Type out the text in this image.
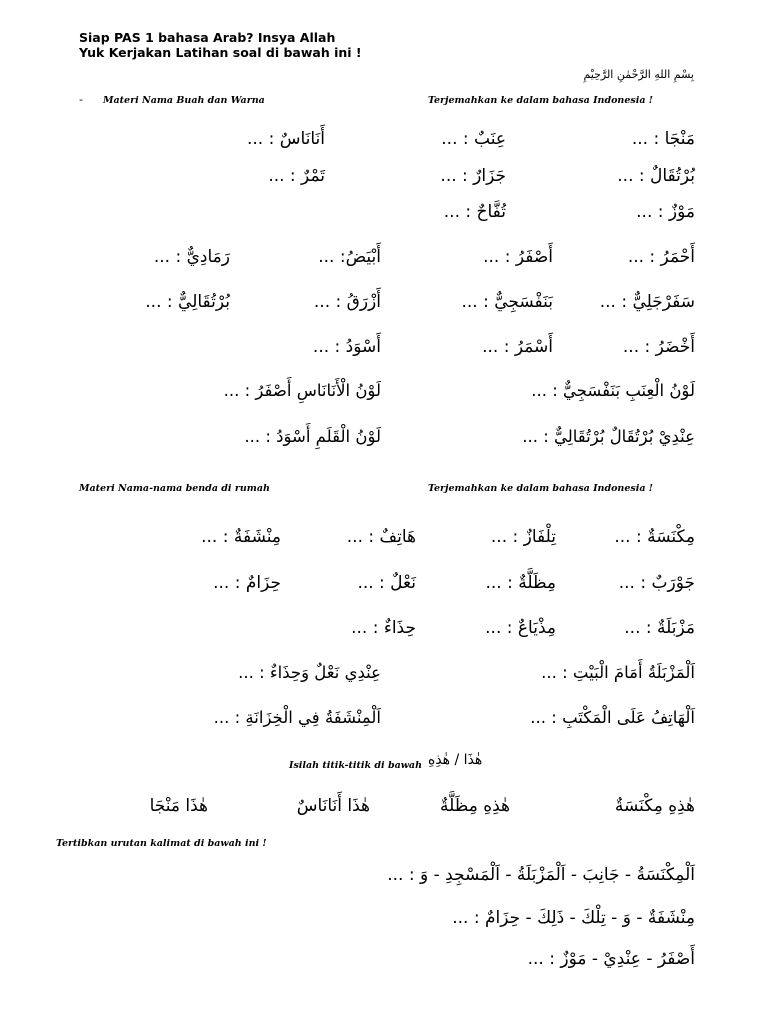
Siap PAS 1 bahasa Arab? Insya Allah
Yuk Kerjakan Latihan soal di bawah ini !
بِسْمِ اللهِ الرَّحْمٰنِ الرَّحِيْمِ
- Materi Nama Buah dan Warna	Terjemahkan ke dalam bahasa Indonesia !
مَنْجَا : ...
عِنَبٌ : ...
أَنَانَاسٌ : ...
بُرْتُقَالٌ : ...
جَزَارٌ : ...
تَمْرٌ : ...
مَوْزٌ : ...
تُفَّاحٌ : ...
أَحْمَرُ : ...
أَصْفَرُ : ...
أَبْيَضُ: ...
رَمَادِيٌّ : ...
سَفَرْجَلِيٌّ : ...
بَنَفْسَجِيٌّ : ...
أَزْرَقُ : ...
بُرْتُقَالِيٌّ : ...
أَخْضَرُ : ...
أَسْمَرُ : ...
أَسْوَدُ : ...
لَوْنُ الْعِنَبِ بَنَفْسَجِيٌّ : ...
لَوْنُ الْأَنَانَاسِ أَصْفَرُ : ...
عِنْدِيْ بُرْتُقَالٌ بُرْتُقَالِيٌّ : ...
لَوْنُ الْقَلَمِ أَسْوَدُ : ...
Materi Nama-nama benda di rumah	Terjemahkan ke dalam bahasa Indonesia !
مِكْنَسَةٌ : ...
تِلْفَازٌ : ...
هَاتِفٌ : ...
مِنْشَفَةٌ : ...
جَوْرَبٌ : ...
مِظَلَّةٌ : ...
نَعْلٌ : ...
حِزَامٌ : ...
مَزْبَلَةٌ : ...
مِذْيَاعٌ : ...
حِذَاءٌ : ...
اَلْمَزْبَلَةُ أَمَامَ الْبَيْتِ : ...
عِنْدِي نَعْلٌ وَحِذَاءٌ : ...
اَلْهَاتِفُ عَلَى الْمَكْتَبِ : ...
اَلْمِنْشَفَةُ فِي الْخِزَانَةِ : ...
Isilah titik-titik di bawah هٰذَا / هٰذِهِ
هٰذِهِ مِكْنَسَةٌ
هٰذِهِ مِظَلَّةٌ
هٰذَا أَنَانَاسٌ
هٰذَا مَنْجَا
Tertibkan urutan kalimat di bawah ini !
اَلْمِكْنَسَةُ - جَانِبَ - اَلْمَزْبَلَةُ - اَلْمَسْجِدِ - وَ : ...
مِنْشَفَةٌ - وَ - تِلْكَ - ذَلِكَ - حِزَامٌ : ...
أَصْفَرُ - عِنْدِيْ - مَوْزٌ : ...
